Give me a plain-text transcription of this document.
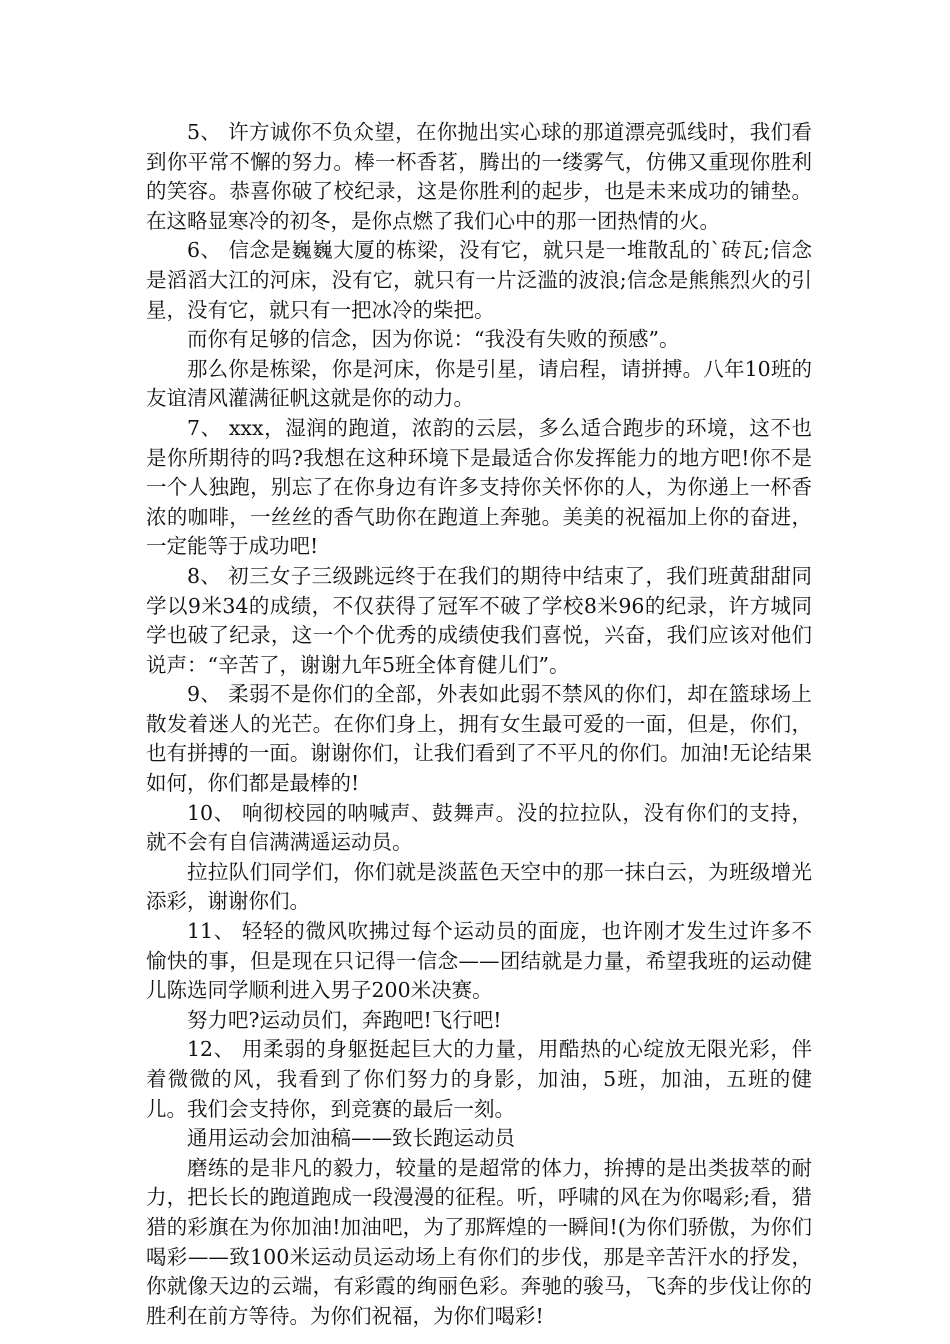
5、 许方诚你不负众望，在你抛出实心球的那道漂亮弧线时，我们看到你平常不懈的努力。棒一杯香茗，腾出的一缕雾气，仿佛又重现你胜利的笑容。恭喜你破了校纪录，这是你胜利的起步，也是未来成功的铺垫。在这略显寒冷的初冬，是你点燃了我们心中的那一团热情的火。

6、 信念是巍巍大厦的栋梁，没有它，就只是一堆散乱的`砖瓦;信念是滔滔大江的河床，没有它，就只有一片泛滥的波浪;信念是熊熊烈火的引星，没有它，就只有一把冰冷的柴把。

而你有足够的信念，因为你说：“我没有失败的预感”。

那么你是栋梁，你是河床，你是引星，请启程，请拼搏。八年10班的友谊清风灌满征帆这就是你的动力。

7、 xxx，湿润的跑道，浓韵的云层，多么适合跑步的环境，这不也是你所期待的吗?我想在这种环境下是最适合你发挥能力的地方吧!你不是一个人独跑，别忘了在你身边有许多支持你关怀你的人，为你递上一杯香浓的咖啡，一丝丝的香气助你在跑道上奔驰。美美的祝福加上你的奋进，一定能等于成功吧!

8、 初三女子三级跳远终于在我们的期待中结束了，我们班黄甜甜同学以9米34的成绩，不仅获得了冠军不破了学校8米96的纪录，许方城同学也破了纪录，这一个个优秀的成绩使我们喜悦，兴奋，我们应该对他们说声：“辛苦了，谢谢九年5班全体育健儿们”。

9、 柔弱不是你们的全部，外表如此弱不禁风的你们，却在篮球场上散发着迷人的光芒。在你们身上，拥有女生最可爱的一面，但是，你们，也有拼搏的一面。谢谢你们，让我们看到了不平凡的你们。加油!无论结果如何，你们都是最棒的!

10、 响彻校园的呐喊声、鼓舞声。没的拉拉队，没有你们的支持，就不会有自信满满遥运动员。

拉拉队们同学们，你们就是淡蓝色天空中的那一抹白云，为班级增光添彩，谢谢你们。

11、 轻轻的微风吹拂过每个运动员的面庞，也许刚才发生过许多不愉快的事，但是现在只记得一信念——团结就是力量，希望我班的运动健儿陈选同学顺利进入男子200米决赛。

努力吧?运动员们，奔跑吧!飞行吧!

12、 用柔弱的身躯挺起巨大的力量，用酷热的心绽放无限光彩，伴着微微的风，我看到了你们努力的身影，加油，5班，加油，五班的健儿。我们会支持你，到竞赛的最后一刻。

通用运动会加油稿——致长跑运动员

磨练的是非凡的毅力，较量的是超常的体力，拚搏的是出类拔萃的耐力，把长长的跑道跑成一段漫漫的征程。听，呼啸的风在为你喝彩;看，猎猎的彩旗在为你加油!加油吧，为了那辉煌的一瞬间!(为你们骄傲，为你们喝彩——致100米运动员运动场上有你们的步伐，那是辛苦汗水的抒发，你就像天边的云端，有彩霞的绚丽色彩。奔驰的骏马，飞奔的步伐让你的胜利在前方等待。为你们祝福，为你们喝彩!
